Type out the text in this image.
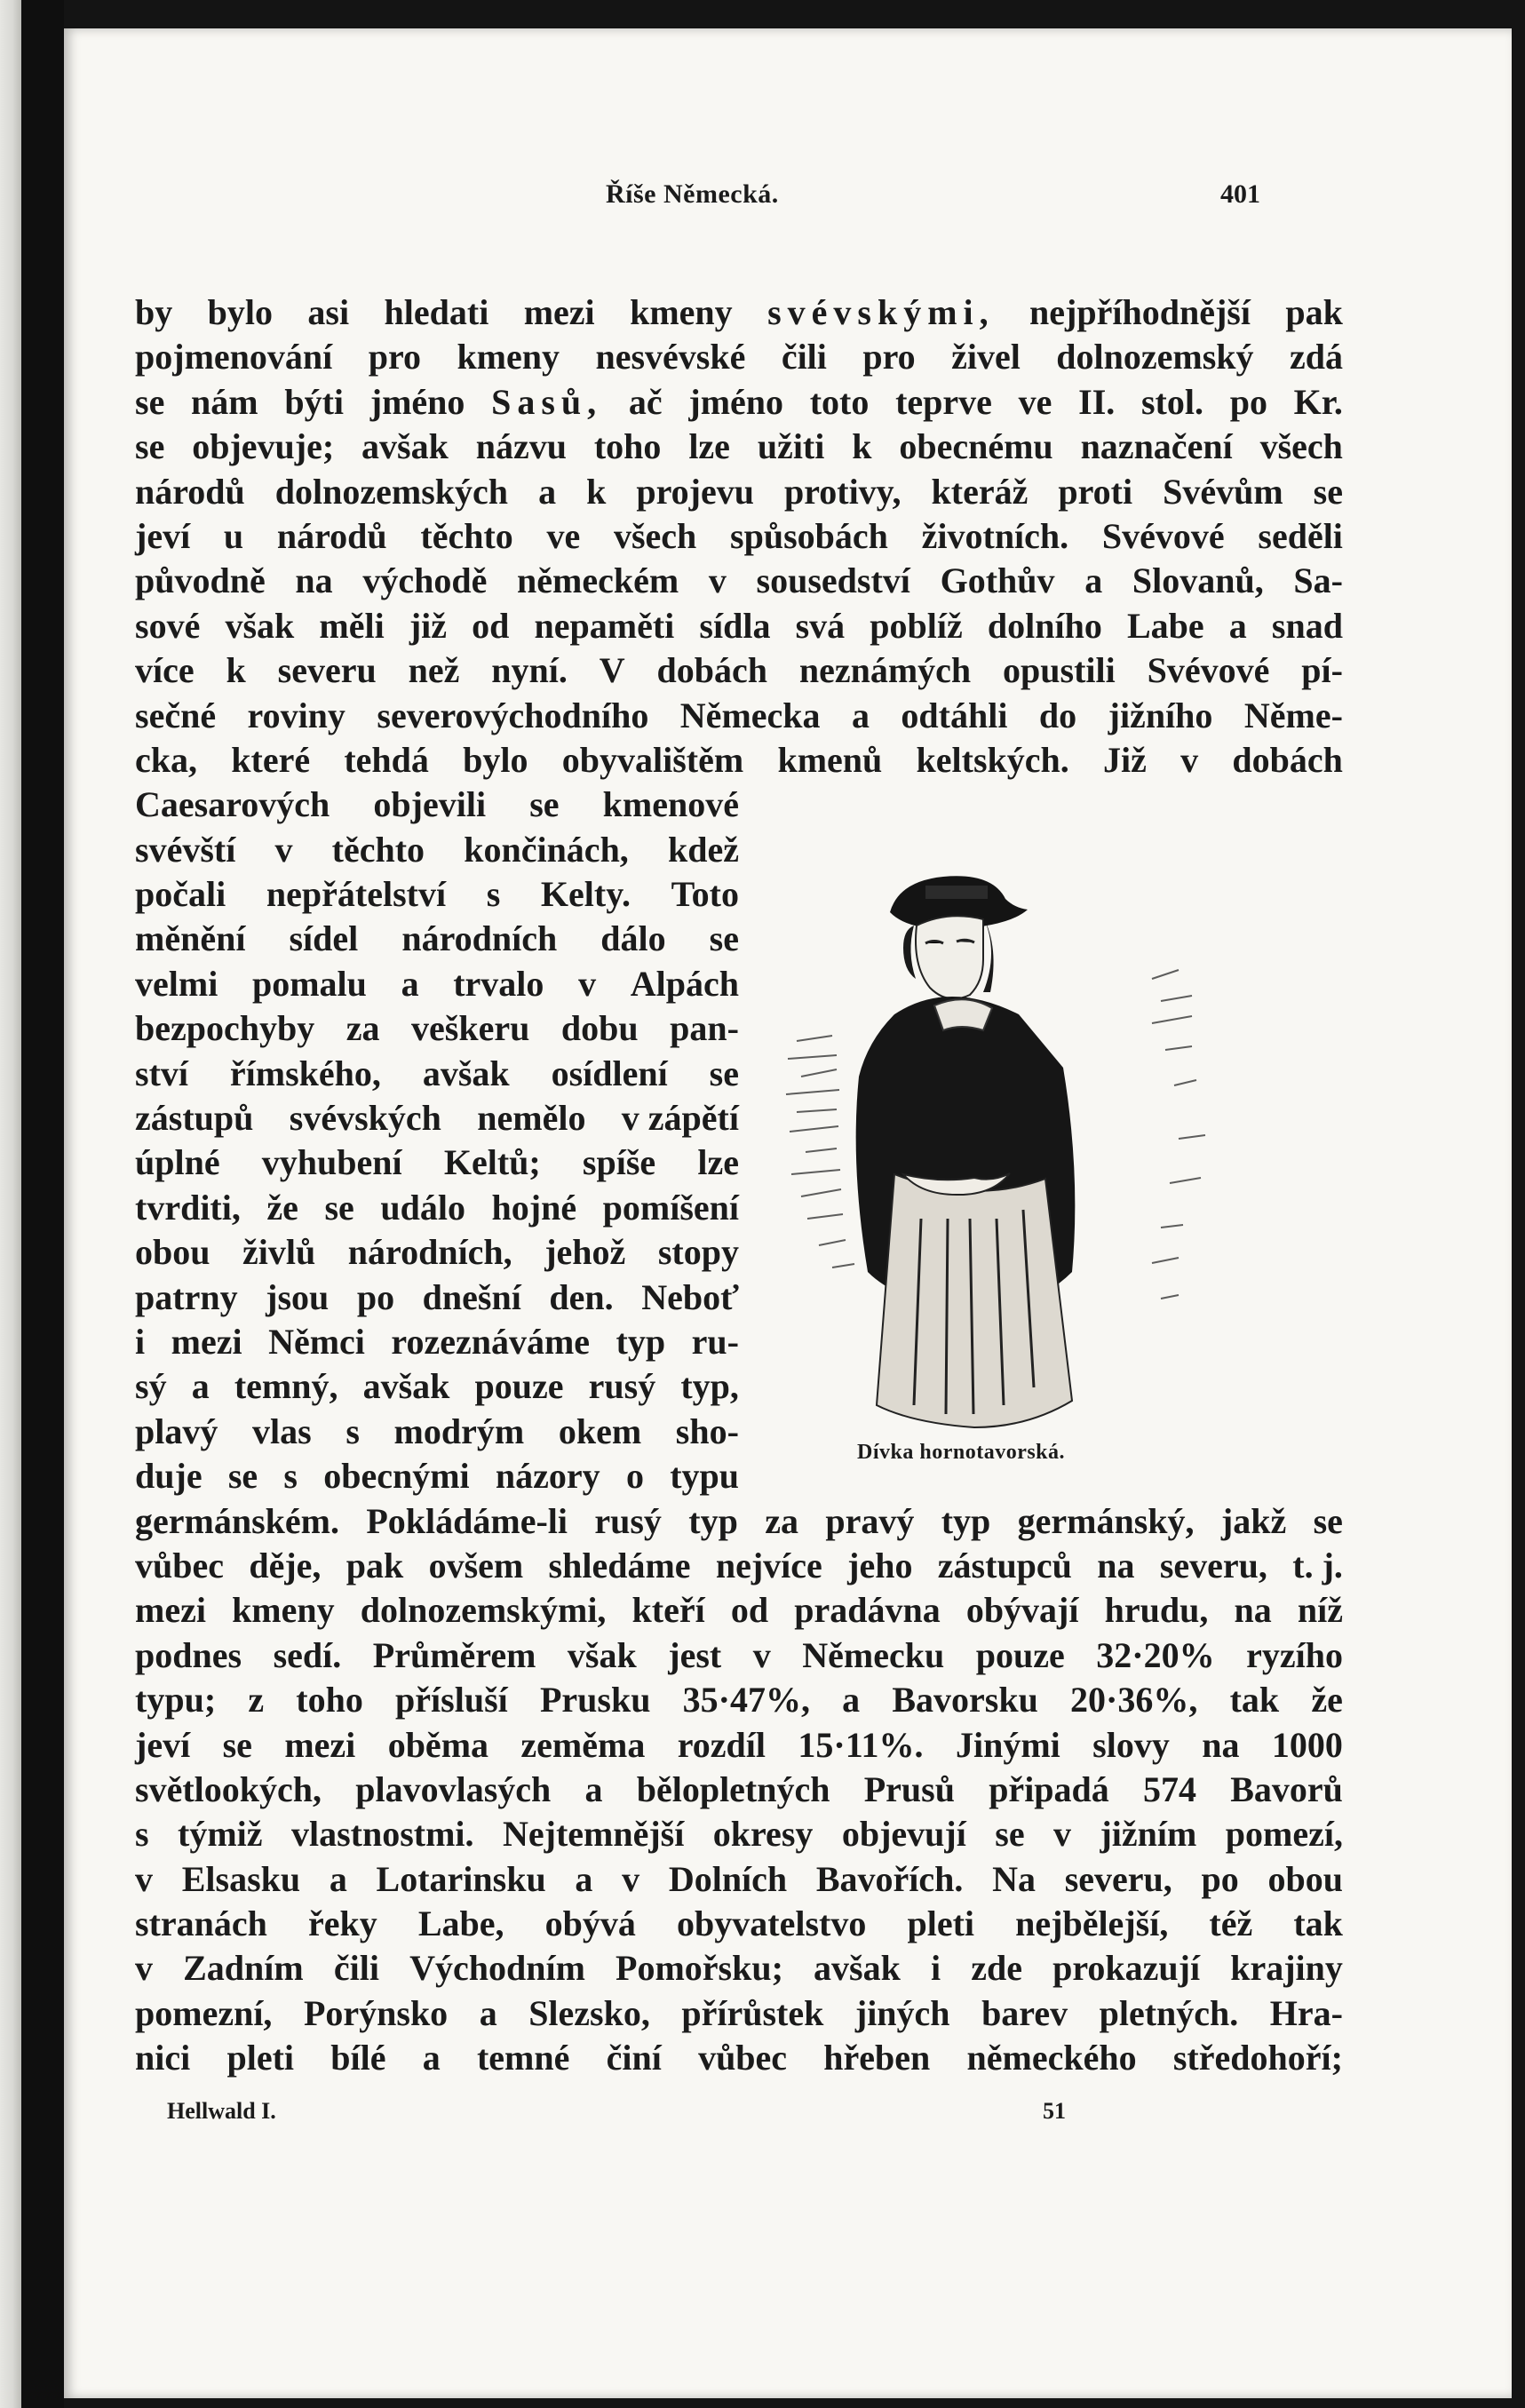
Říše Německá.	401
by bylo asi hledati mezi kmeny svévskými, nejpříhodnější pak
pojmenování pro kmeny nesvévské čili pro živel dolnozemský zdá
se nám býti jméno Sasů, ač jméno toto teprve ve II. stol. po Kr.
se objevuje; avšak názvu toho lze užiti k obecnému naznačení všech
národů dolnozemských a k projevu protivy, kteráž proti Svévům se
jeví u národů těchto ve všech spůsobách životních. Svévové seděli
původně na východě německém v sousedství Gothův a Slovanů, Sa-
sové však měli již od nepaměti sídla svá poblíž dolního Labe a snad
více k severu než nyní. V dobách neznámých opustili Svévové pí-
sečné roviny severovýchodního Německa a odtáhli do jižního Něme-
cka, které tehdá bylo obyvalištěm kmenů keltských. Již v dobách
Caesarových objevili se kmenové
svévští v těchto končinách, kdež
počali nepřátelství s Kelty. Toto
měnění sídel národních dálo se
velmi pomalu a trvalo v Alpách
bezpochyby za veškeru dobu pan-
ství římského, avšak osídlení se
zástupů svévských nemělo v zápětí
úplné vyhubení Keltů; spíše lze
tvrditi, že se událo hojné pomíšení
obou živlů národních, jehož stopy
patrny jsou po dnešní den. Neboť
i mezi Němci rozeznáváme typ ru-
sý a temný, avšak pouze rusý typ,
plavý vlas s modrým okem sho-
duje se s obecnými názory o typu
germánském. Pokládáme-li rusý typ za pravý typ germánský, jakž se
vůbec děje, pak ovšem shledáme nejvíce jeho zástupců na severu, t. j.
mezi kmeny dolnozemskými, kteří od pradávna obývají hrudu, na níž
podnes sedí. Průměrem však jest v Německu pouze 32·20% ryzího
typu; z toho přísluší Prusku 35·47%, a Bavorsku 20·36%, tak že
jeví se mezi oběma zeměma rozdíl 15·11%. Jinými slovy na 1000
světlookých, plavovlasých a bělopletných Prusů připadá 574 Bavorů
s týmiž vlastnostmi. Nejtemnější okresy objevují se v jižním pomezí,
v Elsasku a Lotarinsku a v Dolních Bavořích. Na severu, po obou
stranách řeky Labe, obývá obyvatelstvo pleti nejbělejší, též tak
v Zadním čili Východním Pomořsku; avšak i zde prokazují krajiny
pomezní, Porýnsko a Slezsko, přírůstek jiných barev pletných. Hra-
nici pleti bílé a temné činí vůbec hřeben německého středohoří;
Dívka hornotavorská.
Hellwald I.	51
